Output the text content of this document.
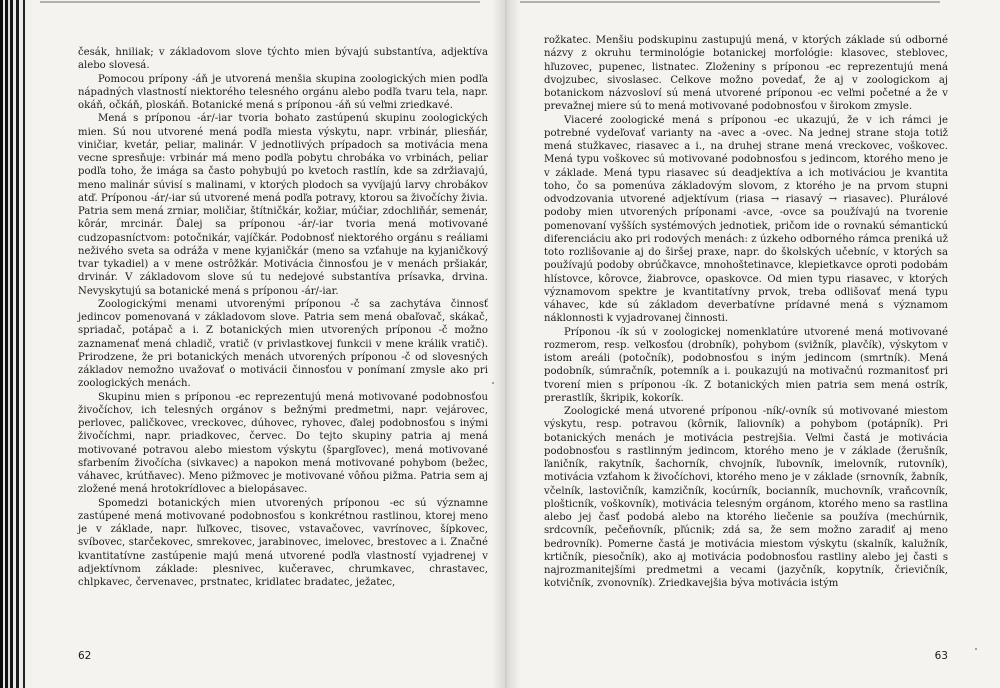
česák, hniliak; v základovom slove týchto mien bývajú substantíva, adjektíva alebo slovesá.

Pomocou prípony -áň je utvorená menšia skupina zoologických mien podľa nápadných vlastností niektorého telesného orgánu alebo podľa tvaru tela, napr. okáň, očkáň, ploskáň. Botanické mená s príponou -áň sú veľmi zriedkavé.

Mená s príponou -ár/-iar tvoria bohato zastúpenú skupinu zoologických mien. Sú nou utvorené mená podľa miesta výskytu, napr. vrbinár, pliesňár, viničiar, kvetár, peliar, malinár. V jednotlivých prípadoch sa motivácia mena vecne spresňuje: vrbinár má meno podľa pobytu chrobáka vo vrbinách, peliar podľa toho, že imága sa často pohybujú po kvetoch rastlín, kde sa zdržiavajú, meno malinár súvisí s malinami, v ktorých plodoch sa vyvíjajú larvy chrobákov atď. Príponou -ár/-iar sú utvorené mená podľa potravy, ktorou sa živočíchy živia. Patria sem mená zrniar, moličiar, štítničkár, kožiar, múčiar, zdochliňár, semenár, kôrár, mrcinár. Ďalej sa príponou -ár/-iar tvoria mená motivované cudzopasníctvom: potočnikár, vajíčkár. Podobnosť niektorého orgánu s reáliami neživého sveta sa odráža v mene kyjaničkár (meno sa vzťahuje na kyjaničkový tvar tykadiel) a v mene ostrôžkár. Motivácia činnosťou je v menách pršiakár, drvinár. V základovom slove sú tu nedejové substantíva prísavka, drvina. Nevyskytujú sa botanické mená s príponou -ár/-iar.

Zoologickými menami utvorenými príponou -č sa zachytáva činnosť jedincov pomenovaná v základovom slove. Patria sem mená obaľovač, skákač, spriadač, potápač a i. Z botanických mien utvorených príponou -č možno zaznamenať mená chladič, vratič (v privlastkovej funkcii v mene králik vratič). Prirodzene, že pri botanických menách utvorených príponou -č od slovesných základov nemožno uvažovať o motivácii činnosťou v ponímaní zmysle ako pri zoologických menách.

Skupinu mien s príponou -ec reprezentujú mená motivované podobnosťou živočíchov, ich telesných orgánov s bežnými predmetmi, napr. vejárovec, perlovec, paličkovec, vreckovec, dúhovec, ryhovec, ďalej podobnosťou s inými živočíchmi, napr. priadkovec, červec. Do tejto skupiny patria aj mená motivované potravou alebo miestom výskytu (špargľovec), mená motivované sfarbením živočícha (sivkavec) a napokon mená motivované pohybom (bežec, váhavec, krútňavec). Meno pižmovec je motivované vôňou pižma. Patria sem aj zložené mená hrotokrídlovec a bielopásavec.

Spomedzi botanických mien utvorených príponou -ec sú významne zastúpené mená motivované podobnosťou s konkrétnou rastlinou, ktorej meno je v základe, napr. ľuľkovec, tisovec, vstavačovec, vavrínovec, šípkovec, svíbovec, starčekovec, smrekovec, jarabinovec, imelovec, brestovec a i. Značné kvantitatívne zastúpenie majú mená utvorené podľa vlastností vyjadrenej v adjektívnom základe: plesnivec, kučeravec, chrumkavec, chrastavec, chlpkavec, červenavec, prstnatec, kridlatec bradatec, ježatec,

62

rožkatec. Menšiu podskupinu zastupujú mená, v ktorých základe sú odborné názvy z okruhu terminológie botanickej morfológie: klasovec, steblovec, hľuzovec, pupenec, listnatec. Zloženiny s príponou -ec reprezentujú mená dvojzubec, sivoslasec. Celkove možno povedať, že aj v zoologickom aj botanickom názvosloví sú mená utvorené príponou -ec veľmi početné a že v prevažnej miere sú to mená motivované podobnosťou v širokom zmysle.

Viaceré zoologické mená s príponou -ec ukazujú, že v ich rámci je potrebné vydeľovať varianty na -avec a -ovec. Na jednej strane stoja totiž mená stužkavec, riasavec a i., na druhej strane mená vreckovec, voškovec. Mená typu voškovec sú motivované podobnosťou s jedincom, ktorého meno je v základe. Mená typu riasavec sú deadjektíva a ich motiváciou je kvantita toho, čo sa pomenúva základovým slovom, z ktorého je na prvom stupni odvodzovania utvorené adjektívum (riasa → riasavý → riasavec). Plurálové podoby mien utvorených príponami -avce, -ovce sa používajú na tvorenie pomenovaní vyšších systémových jednotiek, pričom ide o rovnakú sémantickú diferenciáciu ako pri rodových menách: z úzkeho odborného rámca preniká už toto rozlišovanie aj do širšej praxe, napr. do školských učebníc, v ktorých sa používajú podoby obrúčkavce, mnohoštetinavce, klepietkavce oproti podobám hlístovce, kôrovce, žiabrovce, opaskovce. Od mien typu riasavec, v ktorých významovom spektre je kvantitatívny prvok, treba odlišovať mená typu váhavec, kde sú základom deverbatívne prídavné mená s významom náklonnosti k vyjadrovanej činnosti.

Príponou -ík sú v zoologickej nomenklatúre utvorené mená motivované rozmerom, resp. veľkosťou (drobník), pohybom (svižník, plavčík), výskytom v istom areáli (potočník), podobnosťou s iným jedincom (smrtník). Mená podobník, súmračník, potemník a i. poukazujú na motivačnú rozmanitosť pri tvorení mien s príponou -ík. Z botanických mien patria sem mená ostrík, prerastlík, škripik, kokorík.

Zoologické mená utvorené príponou -ník/-ovník sú motivované miestom výskytu, resp. potravou (kôrnik, ľaliovník) a pohybom (potápník). Pri botanických menách je motivácia pestrejšia. Veľmi častá je motivácia podobnosťou s rastlinným jedincom, ktorého meno je v základe (žerušník, ľaničník, rakytník, šachorník, chvojník, ľubovník, imelovník, rutovník), motivácia vzťahom k živočíchovi, ktorého meno je v základe (srnovník, žabník, včelník, lastovičník, kamzičník, kocúrník, bocianník, muchovník, vraňcovník, plošticník, voškovník), motivácia telesným orgánom, ktorého meno sa rastlina alebo jej časť podobá alebo na ktorého liečenie sa používa (mechúrnik, srdcovník, pečeňovník, pľúcnik; zdá sa, že sem možno zaradiť aj meno bedrovník). Pomerne častá je motivácia miestom výskytu (skalník, kalužník, krtičník, piesočník), ako aj motivácia podobnosťou rastliny alebo jej časti s najrozmanitejšími predmetmi a vecami (jazyčník, kopytník, črievičník, kotvičník, zvonovník). Zriedkavejšia býva motivácia istým

63
